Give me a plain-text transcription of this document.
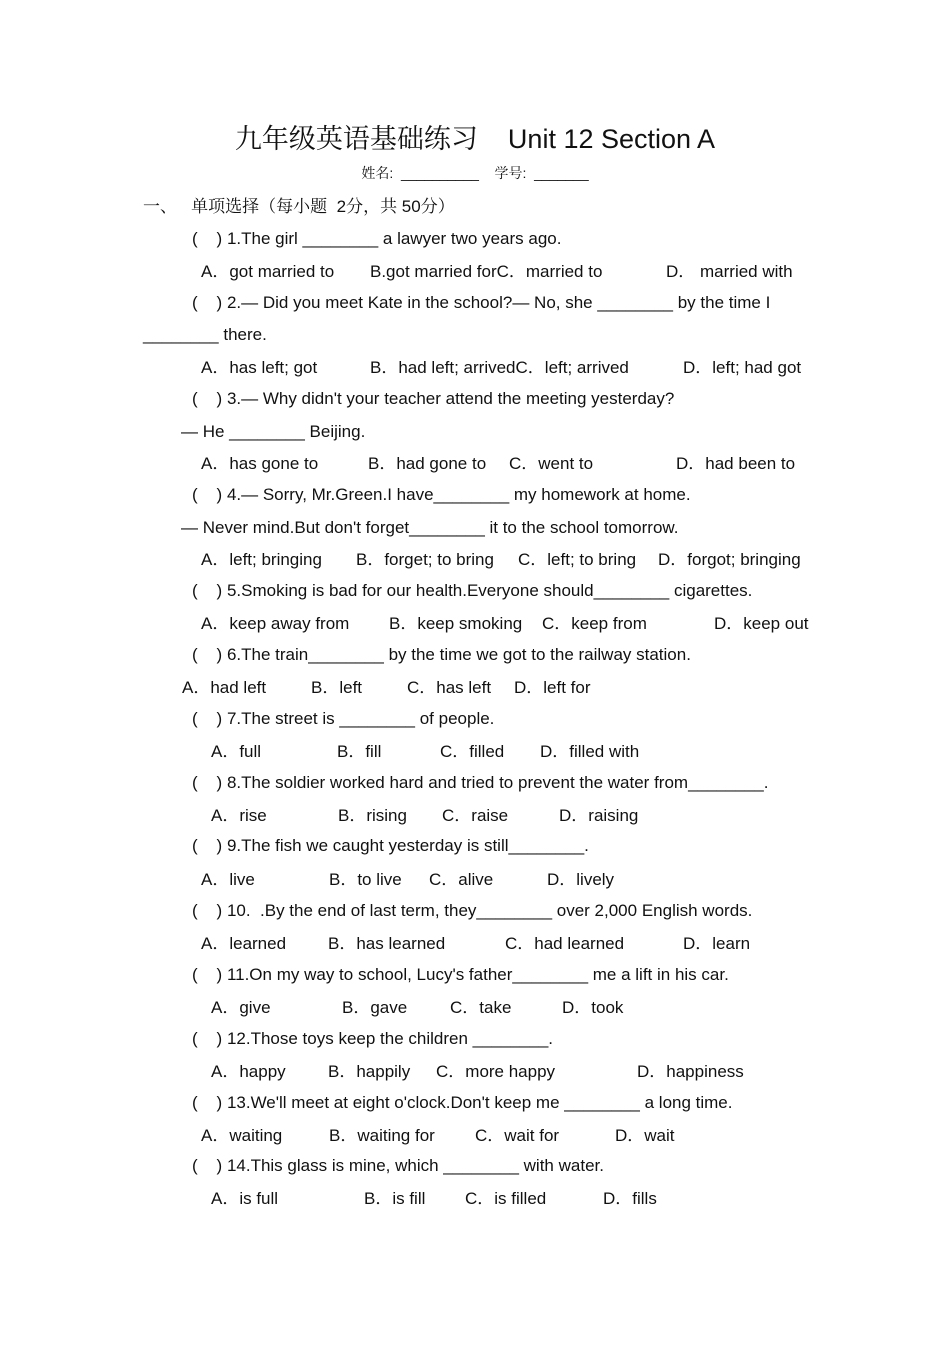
九年级英语基础练习    Unit 12 Section A
姓名:  __________    学号:  _______
一、   单项选择（每小题  2分，共 50分）
(    ) 1.The girl ________ a lawyer two years ago.
A．got married to B.got married forC．married to	D． married with
(    ) 2.— Did you meet Kate in the school?— No, she ________ by the time I
________ there.
A．has left; got	B．had left; arrivedC．left; arrived	D．left; had got
(    ) 3.— Why didn't your teacher attend the meeting yesterday?
— He ________ Beijing.
A．has gone to	B．had gone to C．went to	D．had been to
(    ) 4.— Sorry, Mr.Green.I have________ my homework at home.
— Never mind.But don't forget________ it to the school tomorrow.
A．left; bringing B．forget; to bring C．left; to bring D．forgot; bringing
(    ) 5.Smoking is bad for our health.Everyone should________ cigarettes.
A．keep away from B．keep smoking C．keep from	D．keep out
(    ) 6.The train________ by the time we got to the railway station.
A．had left	B．left	C．has left D．left for
(    ) 7.The street is ________ of people.
A．full	B．fill	C．filled D．filled with
(    ) 8.The soldier worked hard and tried to prevent the water from________.
A．rise	B．rising C．raise	D．raising
(    ) 9.The fish we caught yesterday is still________.
A．live	B．to live C．alive	D．lively
(    ) 10.  .By the end of last term, they________ over 2,000 English words.
A．learned B．has learned	C．had learned	D．learn
(    ) 11.On my way to school, Lucy's father________ me a lift in his car.
A．give	B．gave	C．take	D．took
(    ) 12.Those toys keep the children ________.
A．happy B．happily C．more happy	D．happiness
(    ) 13.We'll meet at eight o'clock.Don't keep me ________ a long time.
A．waiting	B．waiting for C．wait for	D．wait
(    ) 14.This glass is mine, which ________ with water.
A．is full	B．is fill C．is filled	D．fills
